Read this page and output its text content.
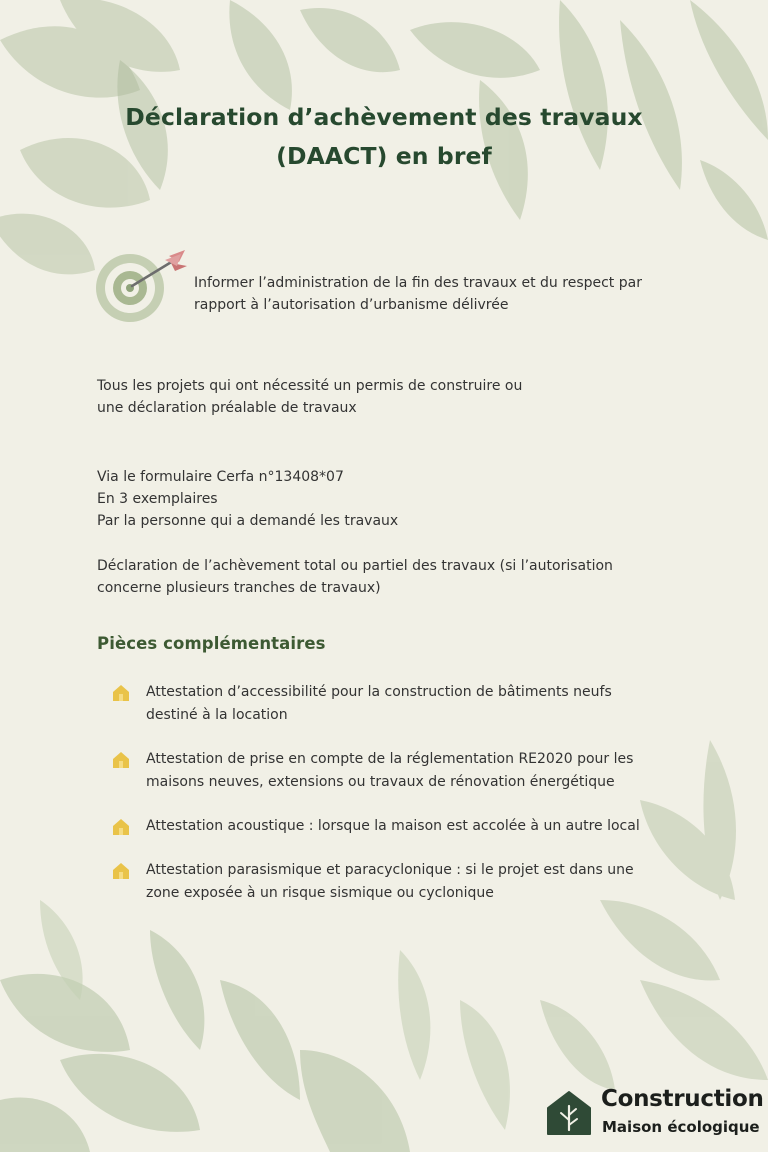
Déclaration d’achèvement des travaux
(DAACT) en bref
Informer l’administration de la fin des travaux et du respect par
rapport à l’autorisation d’urbanisme délivrée
Tous les projets qui ont nécessité un permis de construire ou
une déclaration préalable de travaux
Via le formulaire Cerfa n°13408*07
En 3 exemplaires
Par la personne qui a demandé les travaux
Déclaration de l’achèvement total ou partiel des travaux (si l’autorisation
concerne plusieurs tranches de travaux)
Pièces complémentaires
Attestation d’accessibilité pour la construction de bâtiments neufs
destiné à la location
Attestation de prise en compte de la réglementation RE2020 pour les
maisons neuves, extensions ou travaux de rénovation énergétique
Attestation acoustique : lorsque la maison est accolée à un autre local
Attestation parasismique et paracyclonique : si le projet est dans une
zone exposée à un risque sismique ou cyclonique
Construction
Maison écologique
